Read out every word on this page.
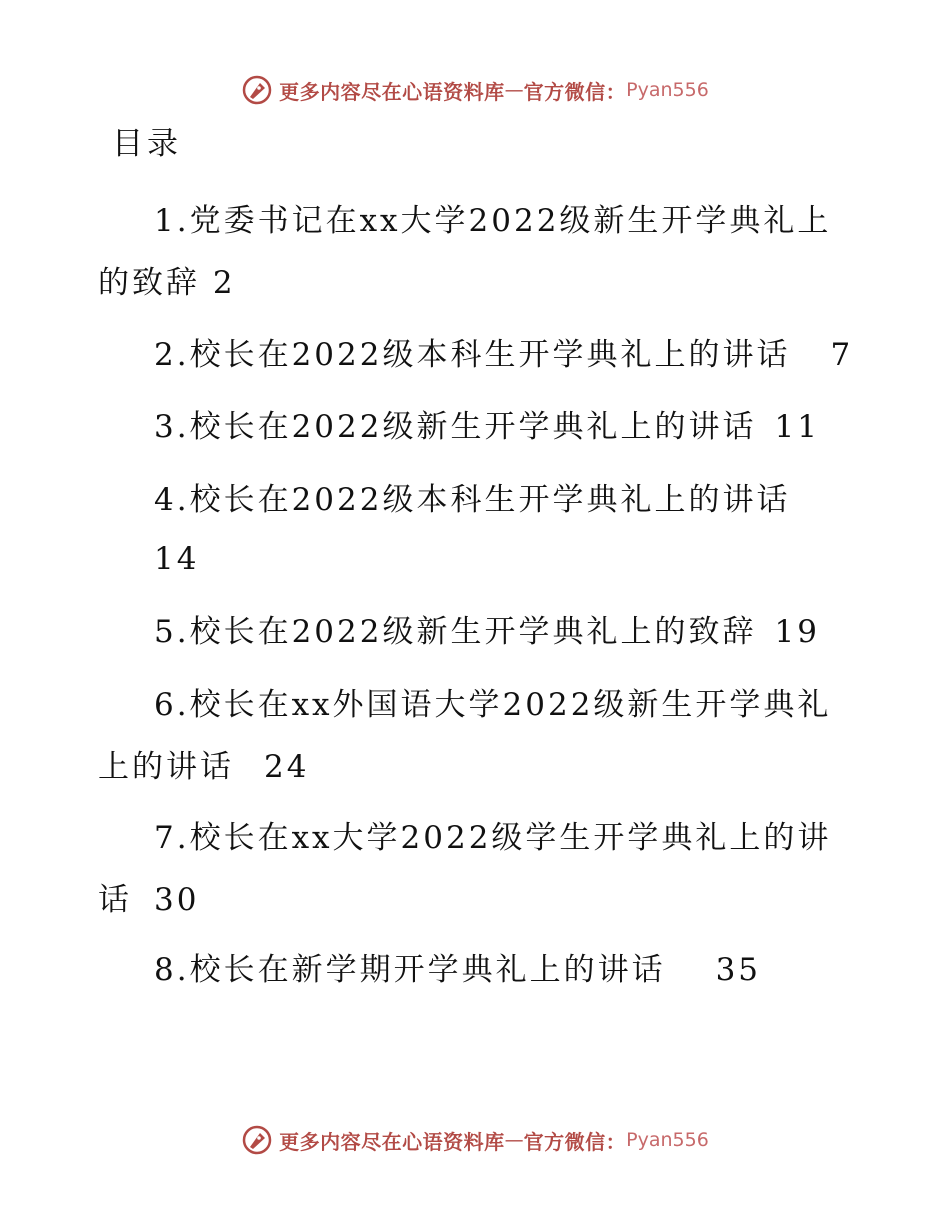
更多内容尽在心语资料库 — 官方微信： Pyan556
目录
1.党委书记在xx大学2022级新生开学典礼上
的致辞 2
2.校长在2022级本科生开学典礼上的讲话 7
3.校长在2022级新生开学典礼上的讲话 11
4.校长在2022级本科生开学典礼上的讲话
14
5.校长在2022级新生开学典礼上的致辞 19
6.校长在xx外国语大学2022级新生开学典礼
上的讲话 24
7.校长在xx大学2022级学生开学典礼上的讲
话 30
8.校长在新学期开学典礼上的讲话 35
更多内容尽在心语资料库 — 官方微信： Pyan556
